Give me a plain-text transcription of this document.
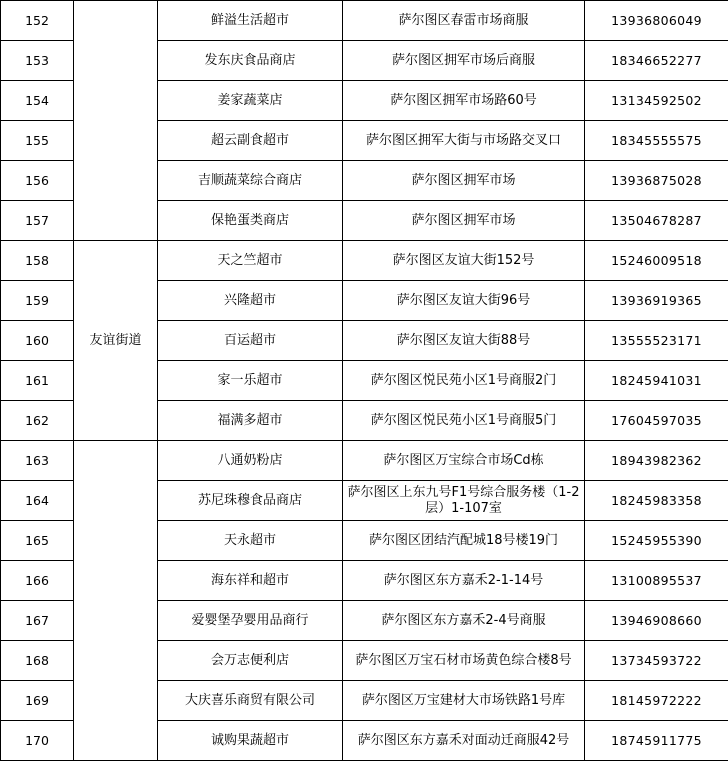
152		鲜溢生活超市	萨尔图区春雷市场商服	13936806049
153		发东庆食品商店	萨尔图区拥军市场后商服	18346652277
154		姜家蔬菜店	萨尔图区拥军市场路60号	13134592502
155		超云副食超市	萨尔图区拥军大街与市场路交叉口	18345555575
156		吉顺蔬菜综合商店	萨尔图区拥军市场	13936875028
157		保艳蛋类商店	萨尔图区拥军市场	13504678287
158	友谊街道	天之竺超市	萨尔图区友谊大街152号	15246009518
159		兴隆超市	萨尔图区友谊大街96号	13936919365
160		百运超市	萨尔图区友谊大街88号	13555523171
161		家一乐超市	萨尔图区悦民苑小区1号商服2门	18245941031
162		福满多超市	萨尔图区悦民苑小区1号商服5门	17604597035
163		八通奶粉店	萨尔图区万宝综合市场Cd栋	18943982362
164		苏尼珠穆食品商店	萨尔图区上东九号F1号综合服务楼（1-2层）1-107室	18245983358
165		天永超市	萨尔图区团结汽配城18号楼19门	15245955390
166		海东祥和超市	萨尔图区东方嘉禾2-1-14号	13100895537
167		爱婴堡孕婴用品商行	萨尔图区东方嘉禾2-4号商服	13946908660
168		会万志便利店	萨尔图区万宝石材市场黄色综合楼8号	13734593722
169		大庆喜乐商贸有限公司	萨尔图区万宝建材大市场铁路1号库	18145972222
170		诚购果蔬超市	萨尔图区东方嘉禾对面动迁商服42号	18745911775
